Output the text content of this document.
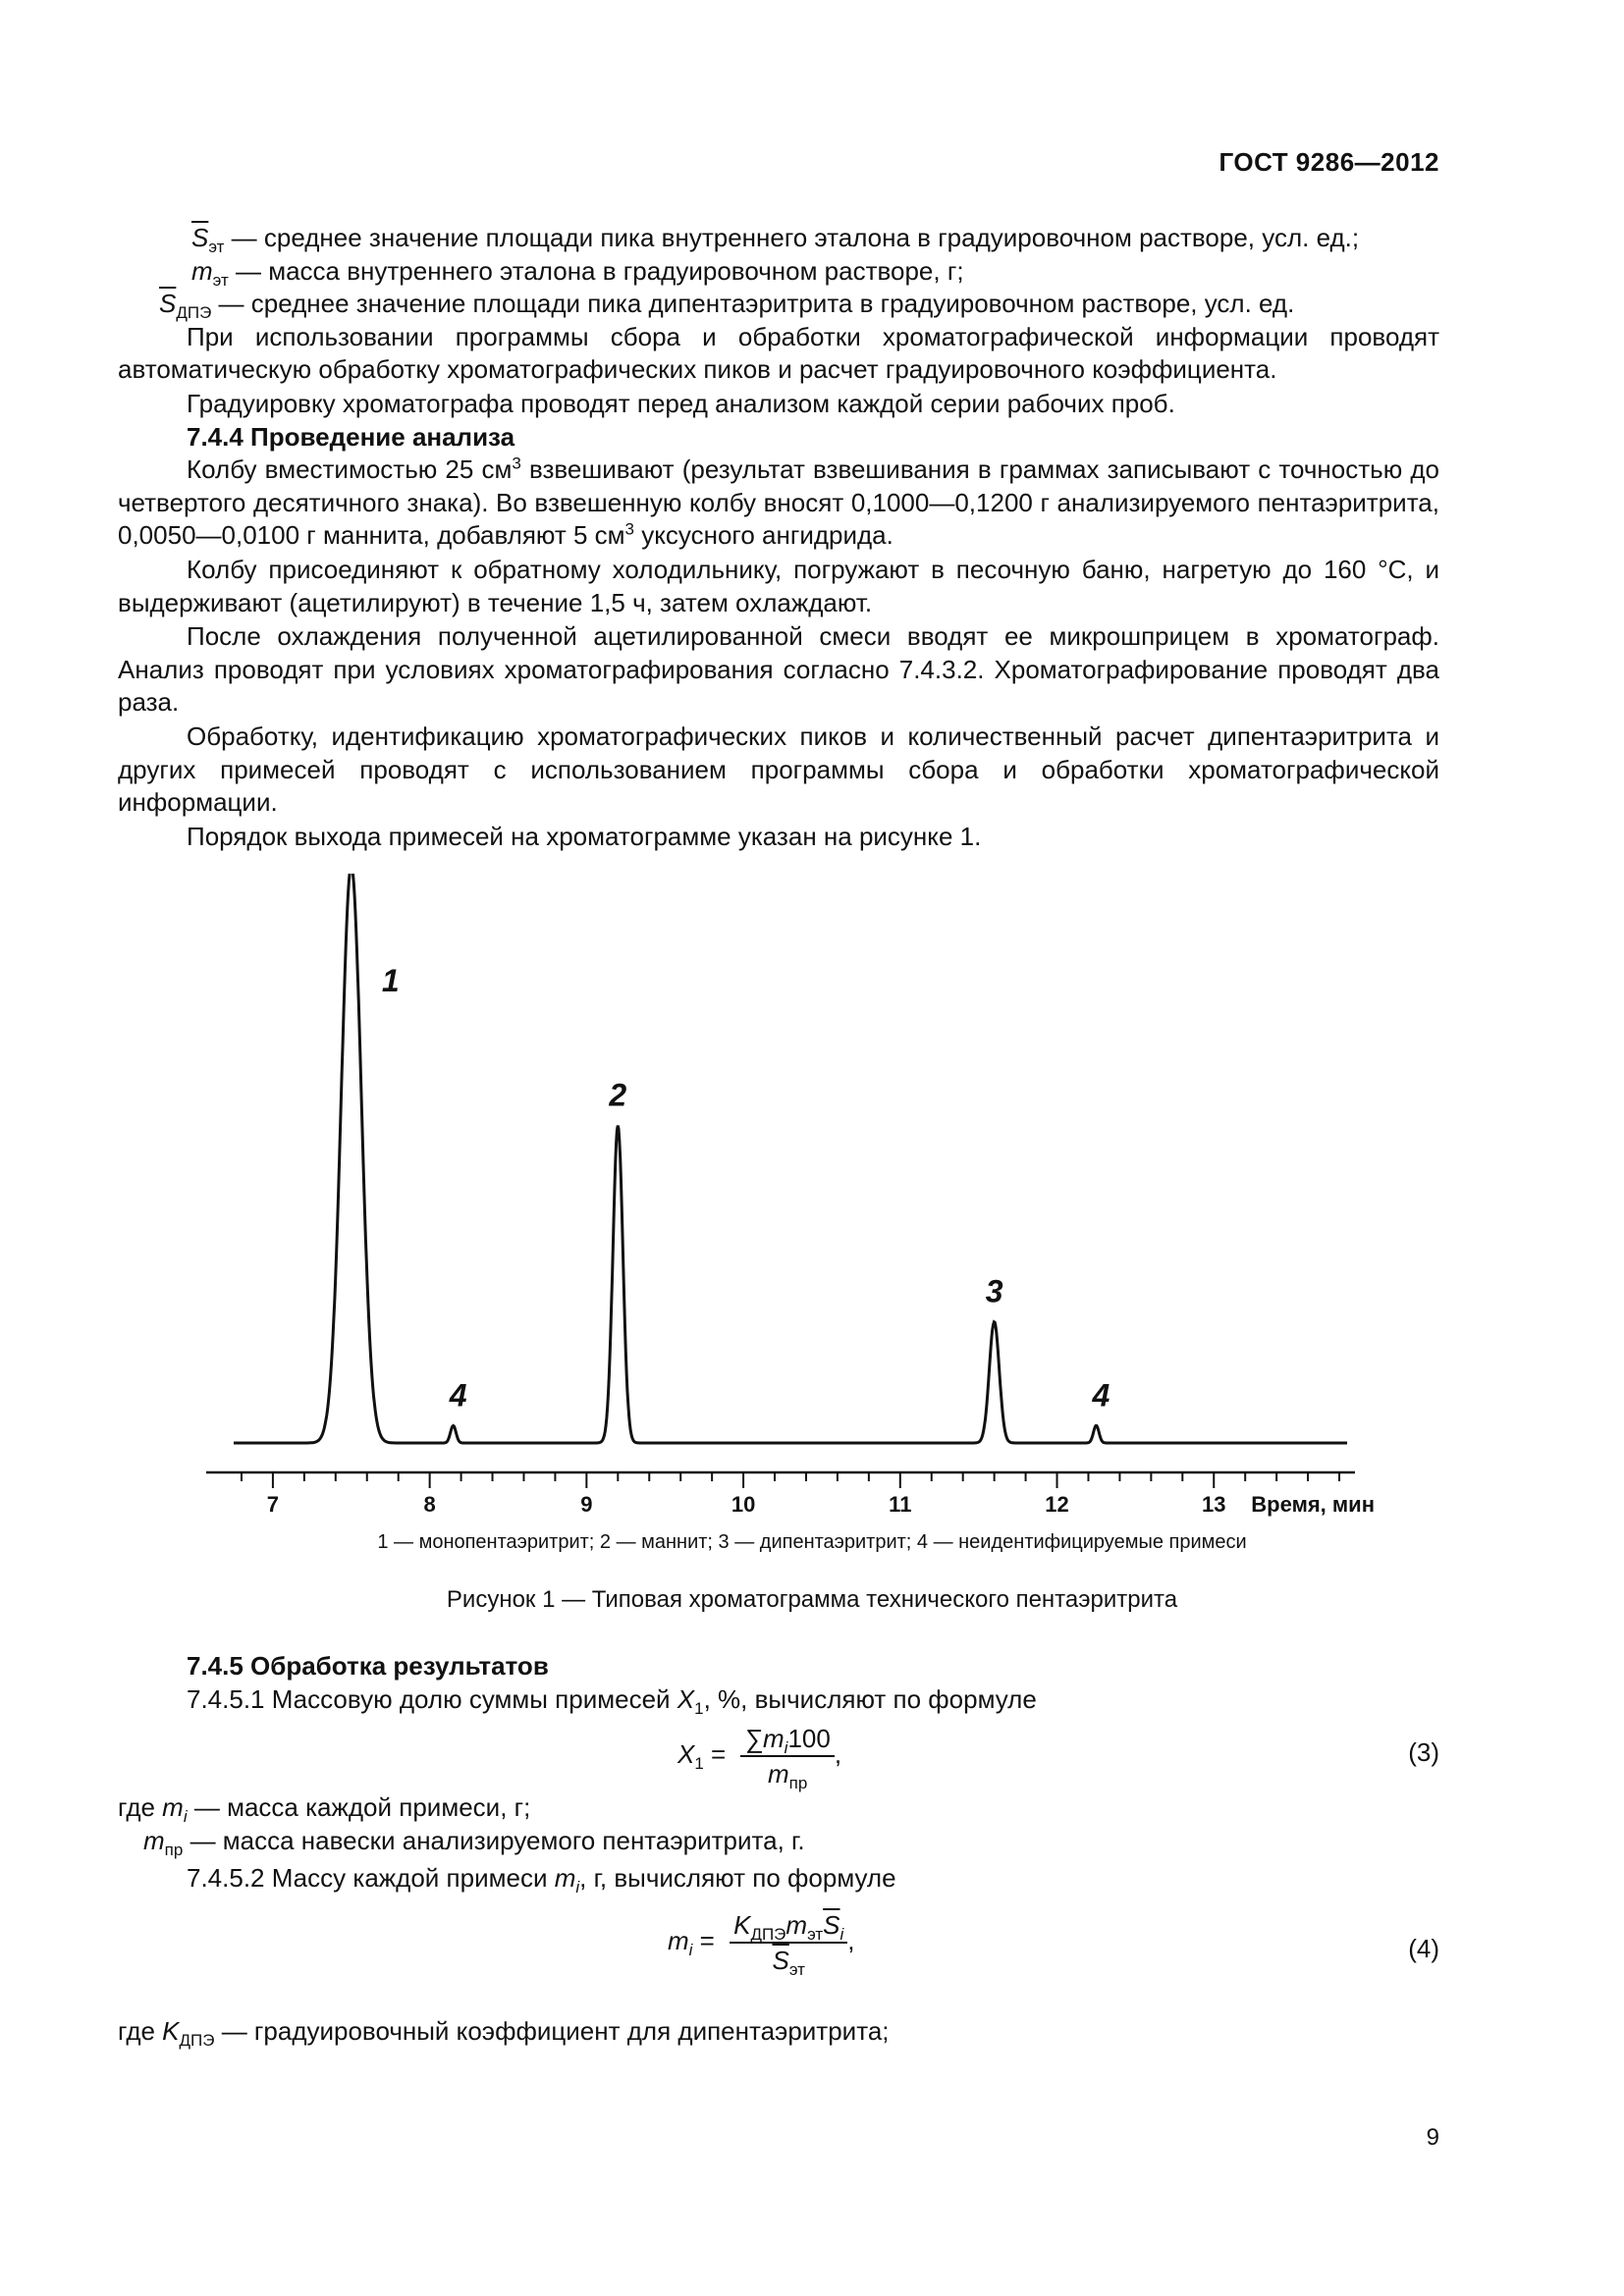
ГОСТ 9286—2012
$\overline{S}_{эт}$ — среднее значение площади пика внутреннего эталона в градуировочном растворе, усл. ед.;
$m_{эт}$ — масса внутреннего эталона в градуировочном растворе, г;
$\overline{S}_{ДПЭ}$ — среднее значение площади пика дипентаэритрита в градуировочном растворе, усл. ед.

При использовании программы сбора и обработки хроматографической информации проводят автоматическую обработку хроматографических пиков и расчет градуировочного коэффициента.

Градуировку хроматографа проводят перед анализом каждой серии рабочих проб.

7.4.4 Проведение анализа

Колбу вместимостью 25 $см^3$ взвешивают (результат взвешивания в граммах записывают с точностью до четвертого десятичного знака). Во взвешенную колбу вносят 0,1000—0,1200 г анализируемого пентаэритрита, 0,0050—0,0100 г маннита, добавляют 5 $см^3$ уксусного ангидрида.

Колбу присоединяют к обратному холодильнику, погружают в песочную баню, нагретую до 160 °С, и выдерживают (ацетилируют) в течение 1,5 ч, затем охлаждают.

После охлаждения полученной ацетилированной смеси вводят ее микрошприцем в хроматограф. Анализ проводят при условиях хроматографирования согласно 7.4.3.2. Хроматографирование проводят два раза.

Обработку, идентификацию хроматографических пиков и количественный расчет дипентаэритрита и других примесей проводят с использованием программы сбора и обработки хроматографической информации.

Порядок выхода примесей на хроматограмме указан на рисунке 1.

7	8	9	10	11	12	13 Время, мин
1
4
2
3
4
1 — монопентаэритрит; 2 — маннит; 3 — дипентаэритрит; 4 — неидентифицируемые примеси
Рисунок 1 — Типовая хроматограмма технического пентаэритрита
7.4.5 Обработка результатов
7.4.5.1 Массовую долю суммы примесей $X_1$, %, вычисляют по формуле
$X_1 = \frac{\sum m_i100}{m_{пр}}$ ,	(3)
где $m_i$ — масса каждой примеси, г;
$m_{пр}$ — масса навески анализируемого пентаэритрита, г.
7.4.5.2 Массу каждой примеси $m_i$, г, вычисляют по формуле
$m_i = \frac{K_{ДПЭ}m_{эт}\overline{S}_i}{\overline{S}_{эт}}$ ,	(4)
где $K_{ДПЭ}$ — градуировочный коэффициент для дипентаэритрита;
9
